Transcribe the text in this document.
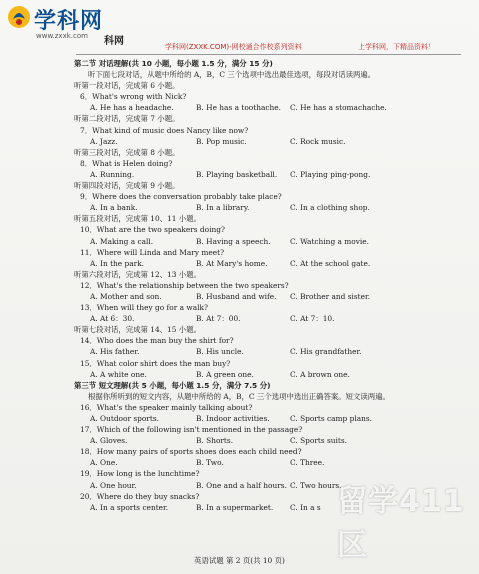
学科网
www.zxxk.com 科网	学科网(ZXXK.COM)-网校通合作校系列资料	上学科网，下精品资料！
第二节 对话理解(共 10 小题，每小题 1.5 分，满分 15 分)
听下面七段对话，从题中所给的 A，B，C 三个选项中选出最佳选项，每段对话读两遍。
听第一段对话，完成第 6 小题。
6．What's wrong with Nick?
A. He has a headache.	B. He has a toothache. C. He has a stomachache.
听第二段对话，完成第 7 小题。
7．What kind of music does Nancy like now?
A. Jazz.	B. Pop music.	C. Rock music.
听第三段对话，完成第 8 小题。
8．What is Helen doing?
A. Running.	B. Playing basketball. C. Playing ping-pong.
听第四段对话，完成第 9 小题。
9．Where does the conversation probably take place?
A. In a bank.	B. In a library.	C. In a clothing shop.
听第五段对话，完成第 10、11 小题。
10．What are the two speakers doing?
A. Making a call.	B. Having a speech.	C. Watching a movie.
11．Where will Linda and Mary meet?
A. In the park.	B. At Mary's home.	C. At the school gate.
听第六段对话，完成第 12、13 小题。
12．What's the relationship between the two speakers?
A. Mother and son.	B. Husband and wife. C. Brother and sister.
13．When will they go for a walk?
A. At 6：30.	B. At 7：00.	C. At 7：10.
听第七段对话，完成第 14、15 小题。
14．Who does the man buy the shirt for?
A. His father.	B. His uncle.	C. His grandfather.
15．What color shirt does the man buy?
A. A white one.	B. A green one.	C. A brown one.
第三节 短文理解(共 5 小题，每小题 1.5 分，满分 7.5 分)
根据你所听到的短文内容，从题中所给的 A，B，C 三个选项中选出正确答案。短文读两遍。
16．What's the speaker mainly talking about?
A. Outdoor sports.	B. Indoor activities.	C. Sports camp plans.
17．Which of the following isn't mentioned in the passage?
A. Gloves.	B. Shorts.	C. Sports suits.
18．How many pairs of sports shoes does each child need?
A. One.	B. Two.	C. Three.
19．How long is the lunchtime?
A. One hour.	B. One and a half hours. C. Two hours.
20．Where do they buy snacks?
A. In a sports center.	B. In a supermarket. C. In a s
英语试题 第 2 页(共 10 页)
留学411区
